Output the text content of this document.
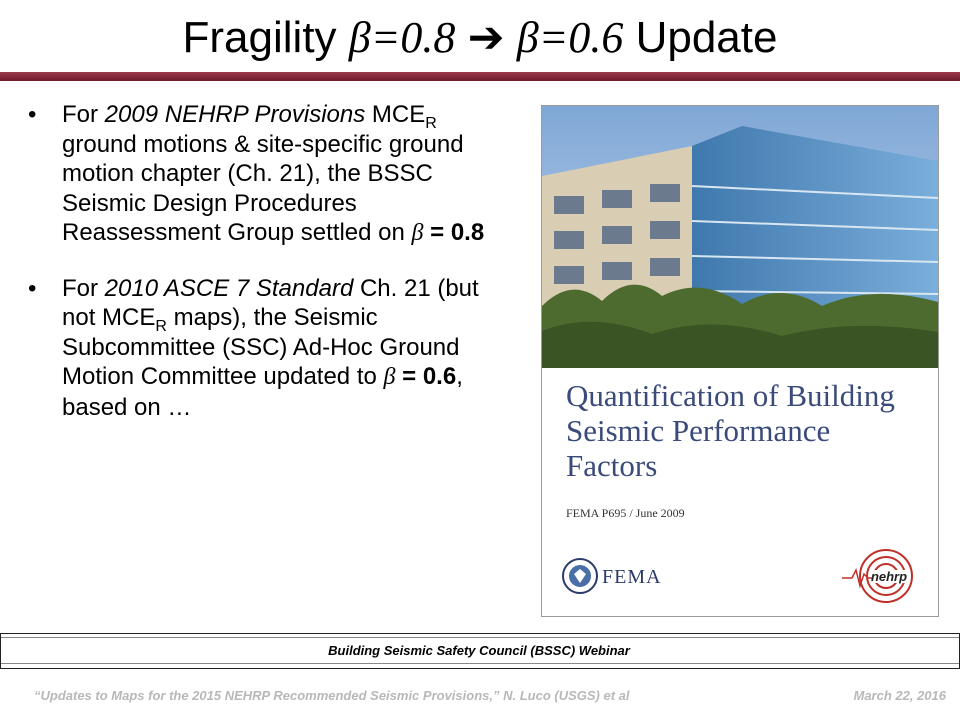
Fragility β=0.8 ➔ β=0.6 Update
• For 2009 NEHRP Provisions $MCE_R$ ground motions & site-specific ground motion chapter (Ch. 21), the BSSC Seismic Design Procedures Reassessment Group settled on β = 0.8
• For 2010 ASCE 7 Standard Ch. 21 (but not $MCE_R$ maps), the Seismic Subcommittee (SSC) Ad-Hoc Ground Motion Committee updated to β = 0.6, based on …	Quantification of Building Seismic Performance Factors
FEMA P695 / June 2009
FEMA	nehrp
Building Seismic Safety Council (BSSC) Webinar
“Updates to Maps for the 2015 NEHRP Recommended Seismic Provisions,” N. Luco (USGS) et al	March 22, 2016
